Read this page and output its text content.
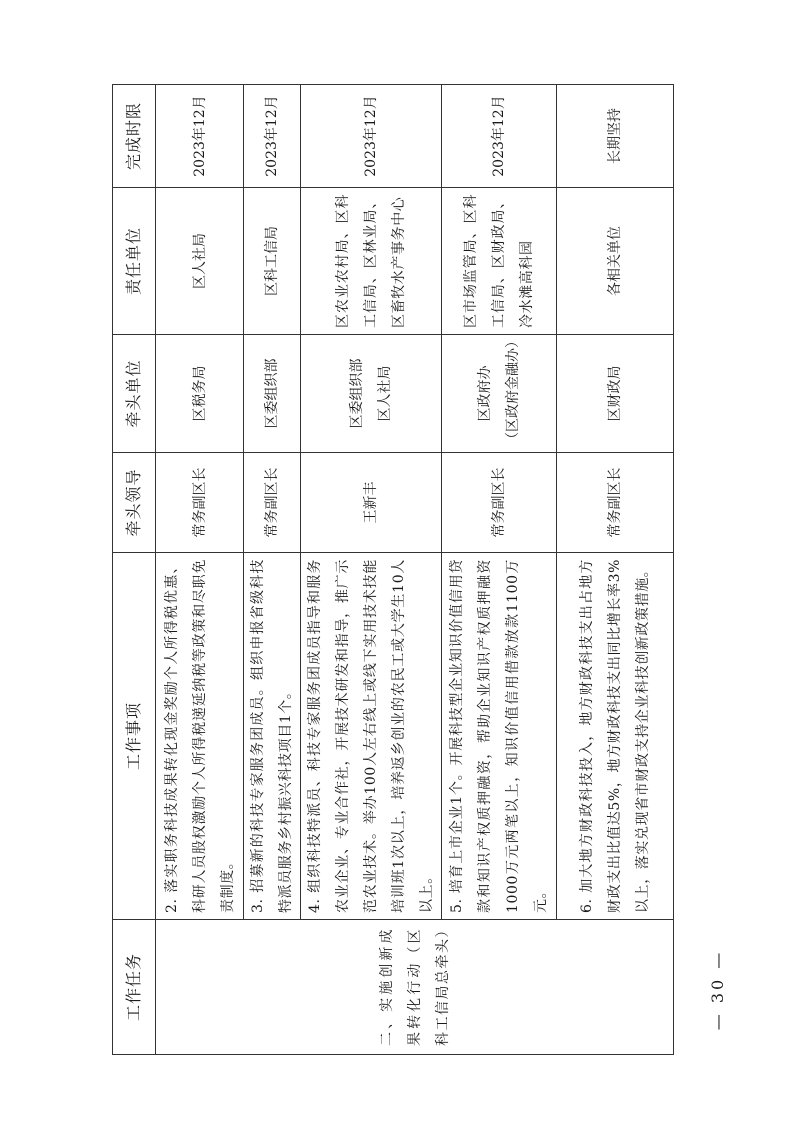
工作任务	工作事项	牵头领导	牵头单位	责任单位	完成时限
二、实施创新成果转化行动（区科工信局总牵头）	2. 落实职务科技成果转化现金奖励个人所得税优惠、科研人员股权激励个人所得税递延纳税等政策和尽职免责制度。	常务副区长	区税务局	区人社局	2023年12月
	3. 招募新的科技专家服务团成员。组织申报省级科技特派员服务乡村振兴科技项目1个。	常务副区长	区委组织部	区科工信局	2023年12月
	4. 组织科技特派员、科技专家服务团成员指导和服务农业企业、专业合作社，开展技术研发和指导，推广示范农业技术。举办100人左右线上或线下实用技术技能培训班1次以上，培养返乡创业的农民工或大学生10人以上。	王新丰	区委组织部 区人社局	区农业农村局、区科工信局、区林业局、区畜牧水产事务中心	2023年12月
	5. 培育上市企业1个。开展科技型企业知识价值信用贷款和知识产权质押融资，帮助企业知识产权质押融资1000万元两笔以上，知识价值信用借款放款1100万元。	常务副区长	区政府办 （区政府金融办）	区市场监管局、区科工信局、区财政局、冷水滩高科园	2023年12月
	6. 加大地方财政科技投入，地方财政科技支出占地方财政支出比值达5%，地方财政科技支出同比增长率3%以上，落实兑现省市财政支持企业科技创新政策措施。	常务副区长	区财政局	各相关单位	长期坚持
— 30 —
